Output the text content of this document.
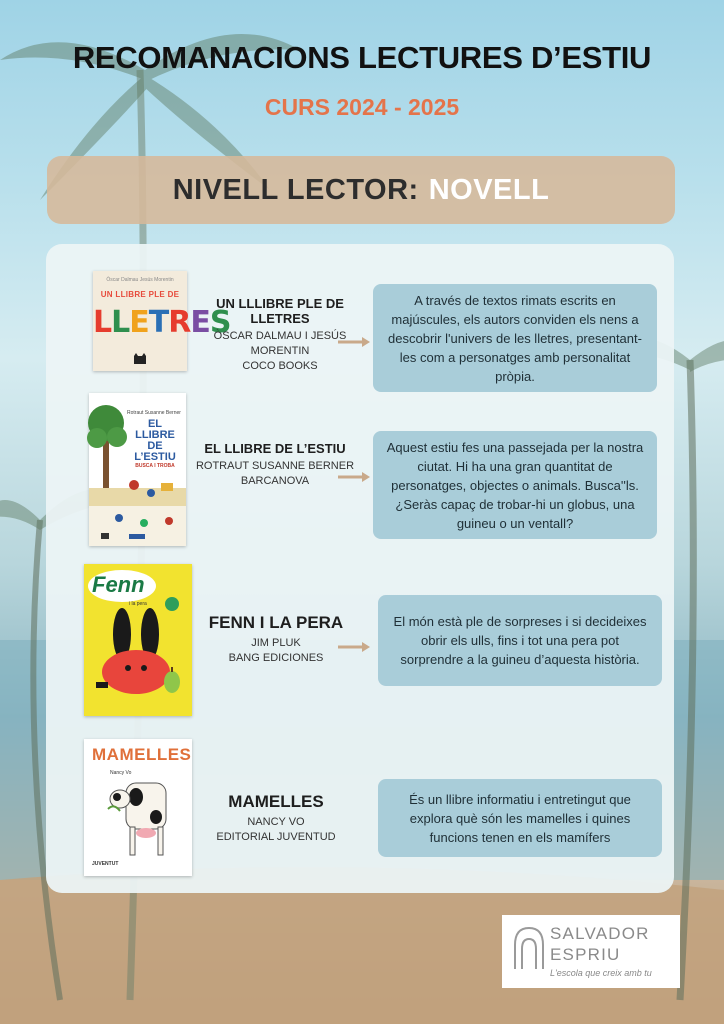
RECOMANACIONS LECTURES D’ESTIU
CURS 2024 - 2025
NIVELL LECTOR: NOVELL
Òscar Dalmau Jesús Morentin
UN LLIBRE PLE DE
LLETRES
UN LLLIBRE PLE DE LLETRES
ÒSCAR DALMAU I JESÚS MORENTIN
COCO BOOKS
A través de textos rimats escrits en majúscules, els autors conviden els nens a descobrir l'univers de les lletres, presentant-les com a personatges amb personalitat pròpia.
Rotraut Susanne Berner
EL LLIBRE DE L’ESTIU
BUSCA I TROBA
EL LLIBRE DE L’ESTIU
ROTRAUT SUSANNE BERNER
BARCANOVA
Aquest estiu fes una passejada per la nostra ciutat. Hi ha una gran quantitat de personatges, objectes o animals. Busca''ls. ¿Seràs capaç de trobar-hi un globus, una guineu o un ventall?
Fenn
i la pera
FENN I LA PERA
JIM PLUK
BANG EDICIONES
El món està ple de sorpreses i si decideixes obrir els ulls, fins i tot una pera pot sorprendre a la guineu d’aquesta història.
MAMELLES
Nancy Vo
JUVENTUT
MAMELLES
NANCY VO
EDITORIAL JUVENTUD
És un llibre informatiu i entretingut que explora què són les mamelles i quines funcions tenen en els mamífers
SALVADOR
ESPRIU
L'escola que creix amb tu
